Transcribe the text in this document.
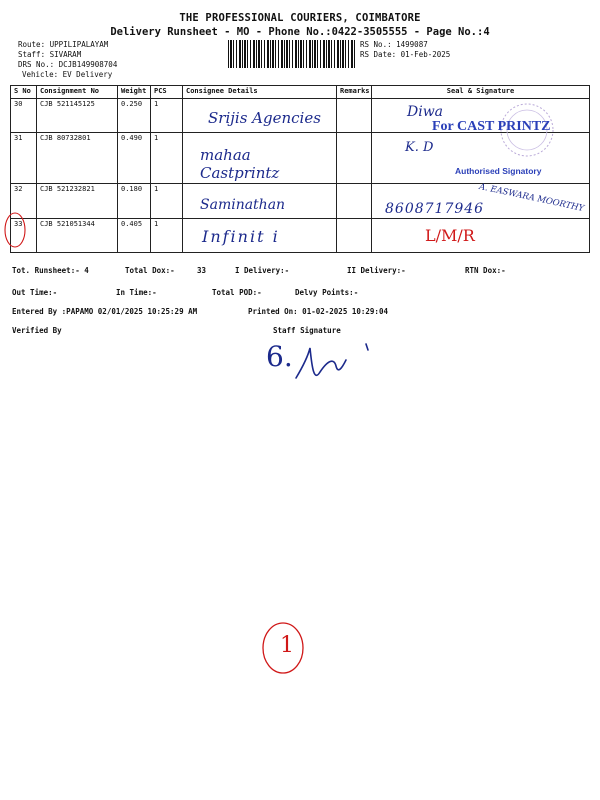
THE PROFESSIONAL COURIERS, COIMBATORE
Delivery Runsheet - MO - Phone No.:0422-3505555 - Page No.:4
Route: UPPILIPALAYAM
Staff: SIVARAM
DRS No.: DCJB149908704
Vehicle: EV Delivery
RS No.: 1499087
RS Date: 01-Feb-2025
S No	Consignment No	Weight	PCS	Consignee Details	Remarks	Seal & Signature
30	CJB 521145125	0.250	1	Srijis Agencies		Diwa

31	CJB 80732801	0.490	1	mahaa Castprintz		K. D

32	CJB 521232821	0.180	1	Saminathan		8608717946

33	CJB 521051344	0.405	1	Infinit i		L/M/R
For CAST PRINTZ
Authorised Signatory
A. EASWARA MOORTHY
Tot. Runsheet:- 4	Total Dox:-	33	I Delivery:-	II Delivery:-	RTN Dox:-
Out Time:-	In Time:-	Total POD:-	Delvy Points:-
Entered By :PAPAMO 02/01/2025 10:25:29 AM	Printed On: 01-02-2025 10:29:04
Verified By	Staff Signature
6.
1
